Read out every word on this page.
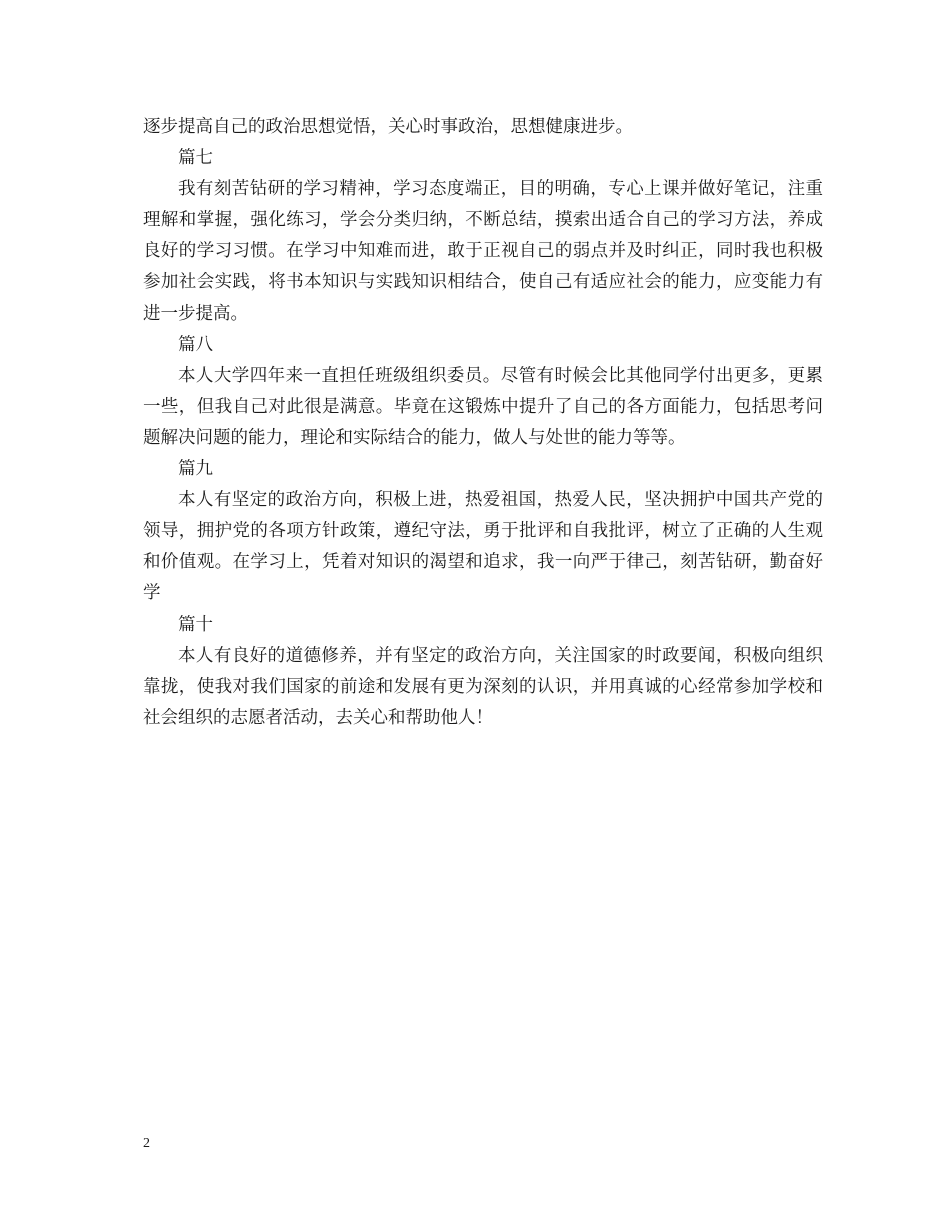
逐步提高自己的政治思想觉悟，关心时事政治，思想健康进步。

篇七

我有刻苦钻研的学习精神，学习态度端正，目的明确，专心上课并做好笔记，注重理解和掌握，强化练习，学会分类归纳，不断总结，摸索出适合自己的学习方法，养成良好的学习习惯。在学习中知难而进，敢于正视自己的弱点并及时纠正，同时我也积极参加社会实践，将书本知识与实践知识相结合，使自己有适应社会的能力，应变能力有进一步提高。

篇八

本人大学四年来一直担任班级组织委员。尽管有时候会比其他同学付出更多，更累一些，但我自己对此很是满意。毕竟在这锻炼中提升了自己的各方面能力，包括思考问题解决问题的能力，理论和实际结合的能力，做人与处世的能力等等。

篇九

本人有坚定的政治方向，积极上进，热爱祖国，热爱人民，坚决拥护中国共产党的领导，拥护党的各项方针政策，遵纪守法，勇于批评和自我批评，树立了正确的人生观和价值观。在学习上，凭着对知识的渴望和追求，我一向严于律己，刻苦钻研，勤奋好学

篇十

本人有良好的道德修养，并有坚定的政治方向，关注国家的时政要闻，积极向组织靠拢，使我对我们国家的前途和发展有更为深刻的认识，并用真诚的心经常参加学校和社会组织的志愿者活动，去关心和帮助他人！

2
